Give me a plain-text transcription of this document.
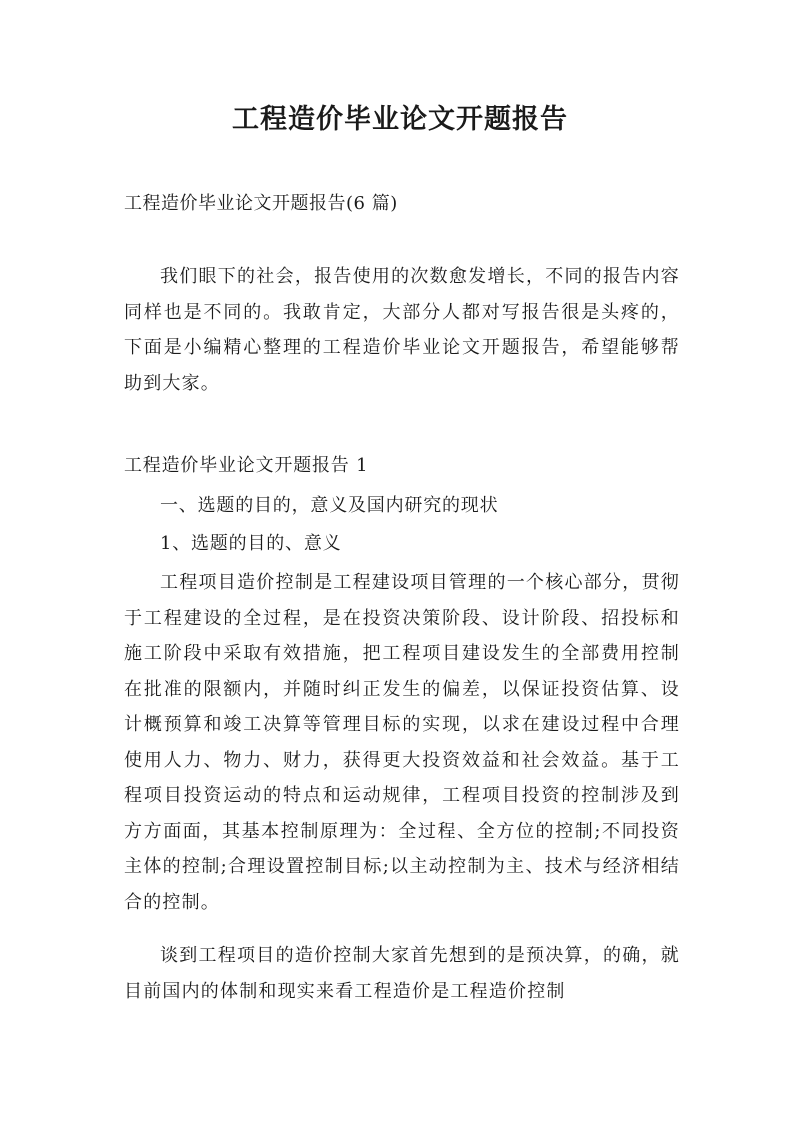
工程造价毕业论文开题报告
工程造价毕业论文开题报告(6 篇)
我们眼下的社会，报告使用的次数愈发增长，不同的报告内容同样也是不同的。我敢肯定，大部分人都对写报告很是头疼的，下面是小编精心整理的工程造价毕业论文开题报告，希望能够帮助到大家。
工程造价毕业论文开题报告 1
一、选题的目的，意义及国内研究的现状
1、选题的目的、意义
工程项目造价控制是工程建设项目管理的一个核心部分，贯彻于工程建设的全过程，是在投资决策阶段、设计阶段、招投标和施工阶段中采取有效措施，把工程项目建设发生的全部费用控制在批准的限额内，并随时纠正发生的偏差，以保证投资估算、设计概预算和竣工决算等管理目标的实现，以求在建设过程中合理使用人力、物力、财力，获得更大投资效益和社会效益。基于工程项目投资运动的特点和运动规律，工程项目投资的控制涉及到方方面面，其基本控制原理为：全过程、全方位的控制;不同投资主体的控制;合理设置控制目标;以主动控制为主、技术与经济相结合的控制。
谈到工程项目的造价控制大家首先想到的是预决算，的确，就目前国内的体制和现实来看工程造价是工程造价控制
